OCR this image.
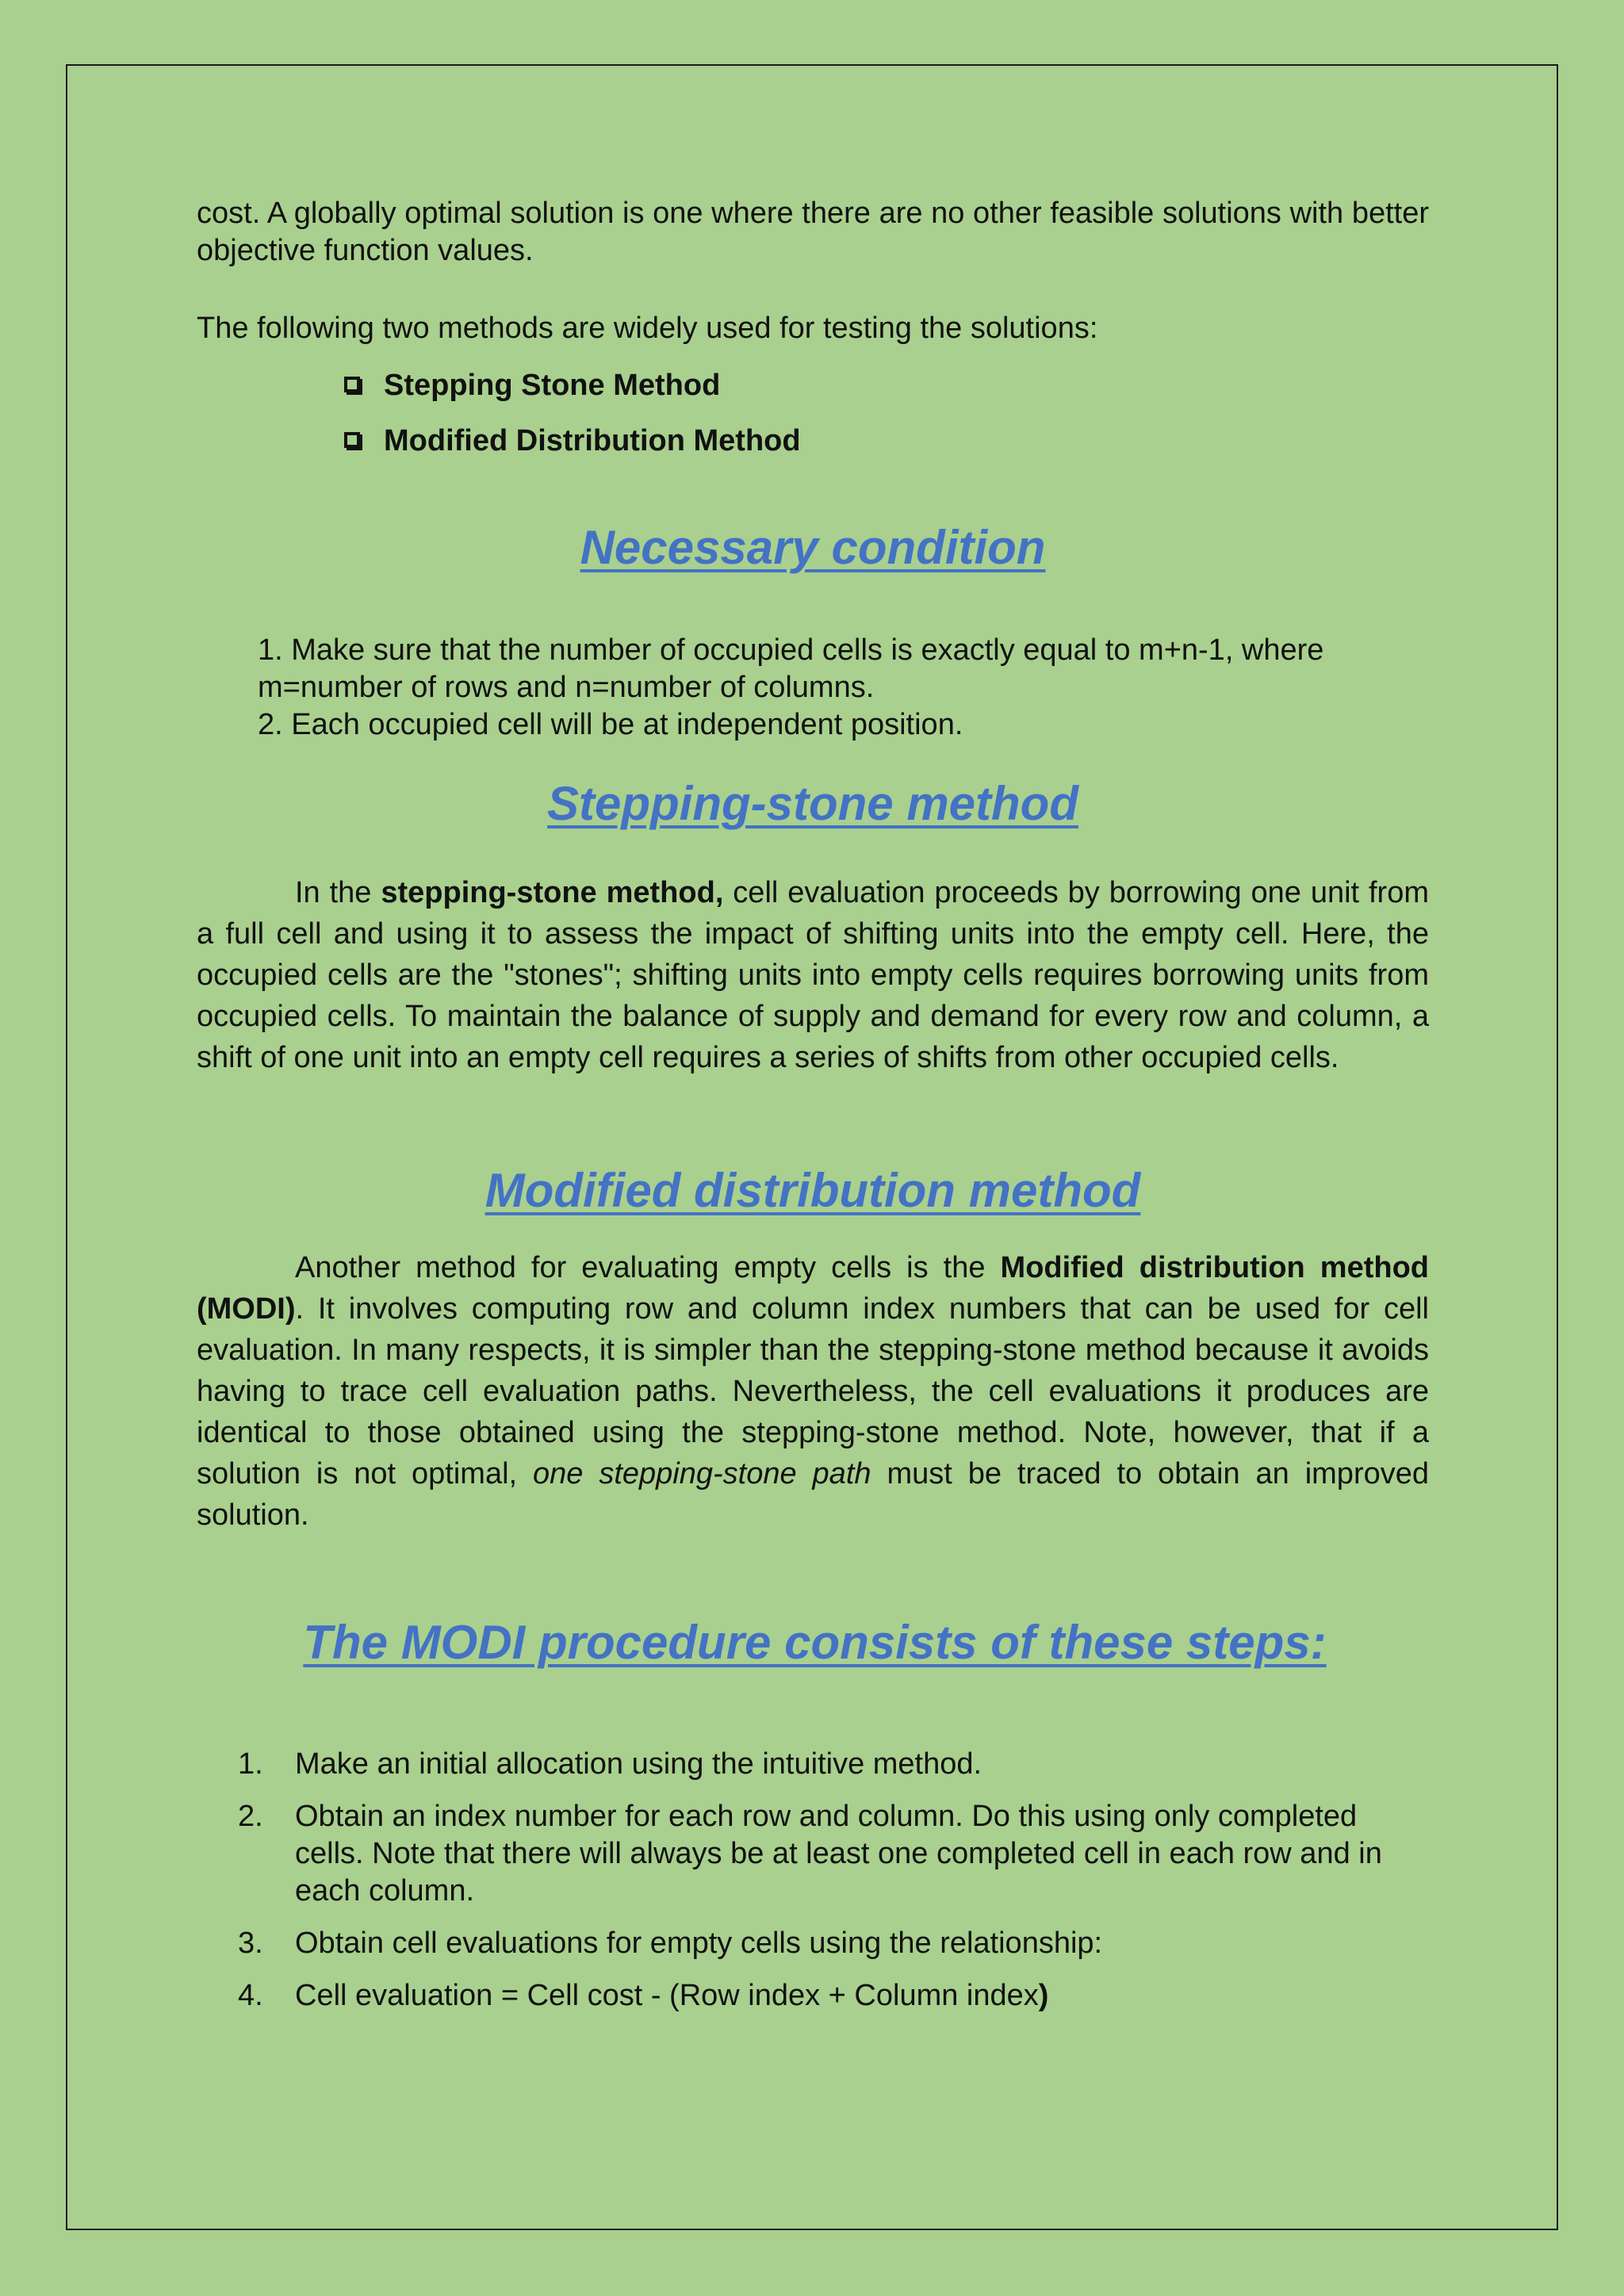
cost. A globally optimal solution is one where there are no other feasible solutions with better objective function values.
The following two methods are widely used for testing the solutions:
Stepping Stone Method
Modified Distribution Method
Necessary condition

1. Make sure that the number of occupied cells is exactly equal to m+n-1, where m=number of rows and n=number of columns.

2. Each occupied cell will be at independent position.

Stepping-stone method

In the stepping-stone method, cell evaluation proceeds by borrowing one unit from a full cell and using it to assess the impact of shifting units into the empty cell. Here, the occupied cells are the "stones"; shifting units into empty cells requires borrowing units from occupied cells. To maintain the balance of supply and demand for every row and column, a shift of one unit into an empty cell requires a series of shifts from other occupied cells.

Modified distribution method

Another method for evaluating empty cells is the Modified distribution method (MODI). It involves computing row and column index numbers that can be used for cell evaluation. In many respects, it is simpler than the stepping-stone method because it avoids having to trace cell evaluation paths. Nevertheless, the cell evaluations it produces are identical to those obtained using the stepping-stone method. Note, however, that if a solution is not optimal, one stepping-stone path must be traced to obtain an improved solution.

The MODI procedure consists of these steps:
1.	Make an initial allocation using the intuitive method.
2.	Obtain an index number for each row and column. Do this using only completed cells. Note that there will always be at least one completed cell in each row and in each column.
3.	Obtain cell evaluations for empty cells using the relationship:
4.	Cell evaluation = Cell cost - (Row index + Column index)
